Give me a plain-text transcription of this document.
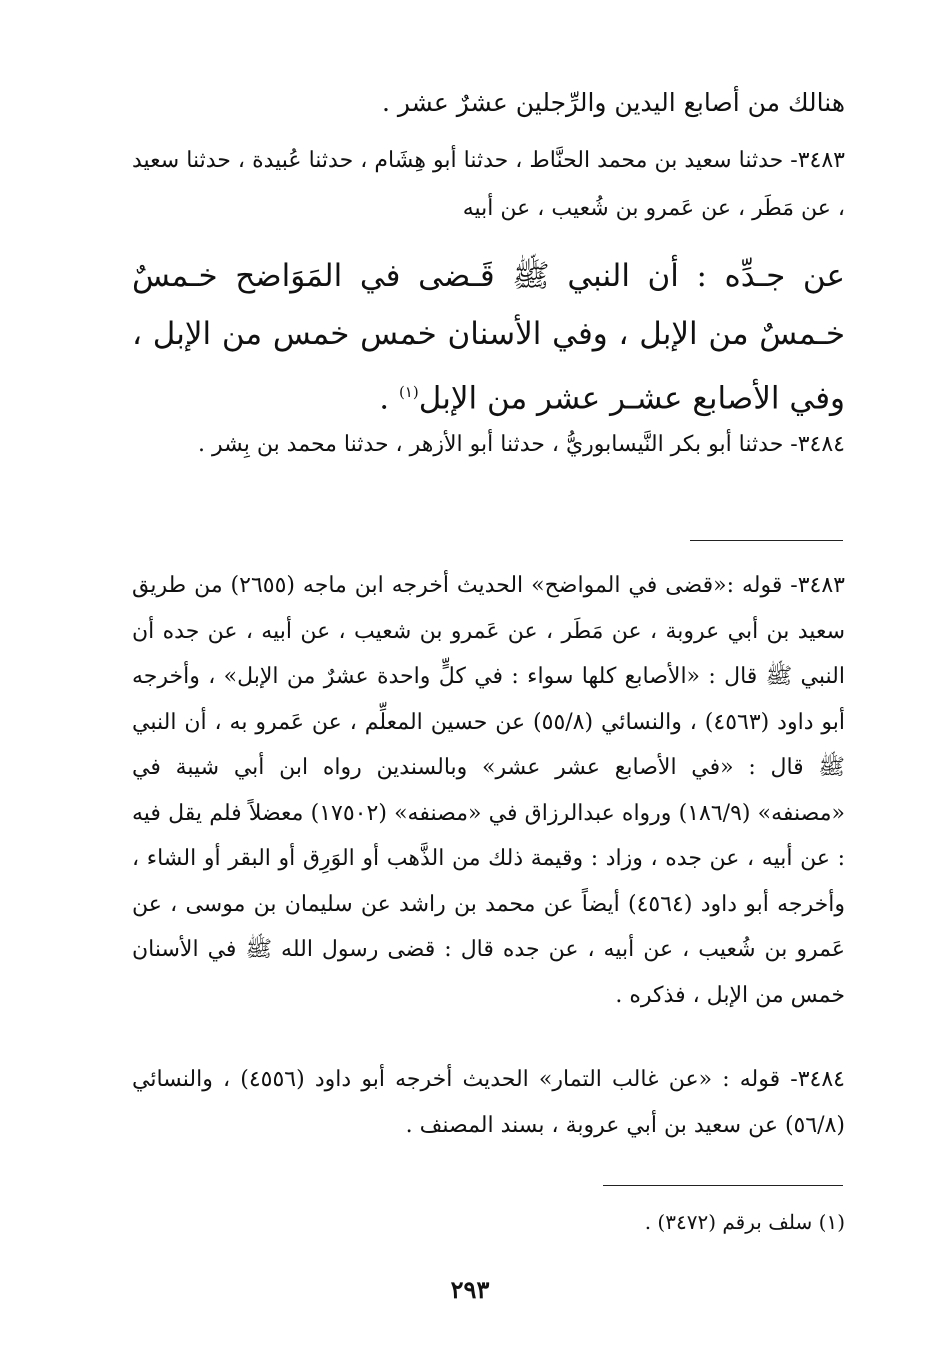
هنالك من أصابع اليدين والرِّجلين عشرٌ عشر .
٣٤٨٣- حدثنا سعيد بن محمد الحنَّاط ، حدثنا أبو هِشَام ، حدثنا عُبيدة ، حدثنا سعيد ، عن مَطَر ، عن عَمرو بن شُعيب ، عن أبيه
عن جـدِّه : أن النبي ﷺ قَـضى في المَوَاضح خـمسٌ خـمسٌ من الإبل ، وفي الأسنان خمس خمس من الإبل ، وفي الأصابع عشـر عشر من الإبل$^{(١)}$ .
٣٤٨٤- حدثنا أبو بكر النَّيسابوريُّ ، حدثنا أبو الأزهر ، حدثنا محمد بن بِشر .
٣٤٨٣- قوله :«قضى في المواضح» الحديث أخرجه ابن ماجه (٢٦٥٥) من طريق سعيد بن أبي عروبة ، عن مَطَر ، عن عَمرو بن شعيب ، عن أبيه ، عن جده أن النبي ﷺ قال : «الأصابع كلها سواء : في كلٍّ واحدة عشرٌ من الإبل» ، وأخرجه أبو داود (٤٥٦٣) ، والنسائي (٥٥/٨) عن حسين المعلِّم ، عن عَمرو به ، أن النبي ﷺ قال : «في الأصابع عشر عشر» وبالسندين رواه ابن أبي شيبة في «مصنفه» (١٨٦/٩) ورواه عبدالرزاق في «مصنفه» (١٧٥٠٢) معضلاً فلم يقل فيه : عن أبيه ، عن جده ، وزاد : وقيمة ذلك من الذَّهب أو الوَرِق أو البقر أو الشاء ، وأخرجه أبو داود (٤٥٦٤) أيضاً عن محمد بن راشد عن سليمان بن موسى ، عن عَمرو بن شُعيب ، عن أبيه ، عن جده قال : قضى رسول الله ﷺ في الأسنان خمس من الإبل ، فذكره .
٣٤٨٤- قوله : «عن غالب التمار» الحديث أخرجه أبو داود (٤٥٥٦) ، والنسائي (٥٦/٨) عن سعيد بن أبي عروبة ، بسند المصنف .
(١) سلف برقم (٣٤٧٢) .
٢٩٣
